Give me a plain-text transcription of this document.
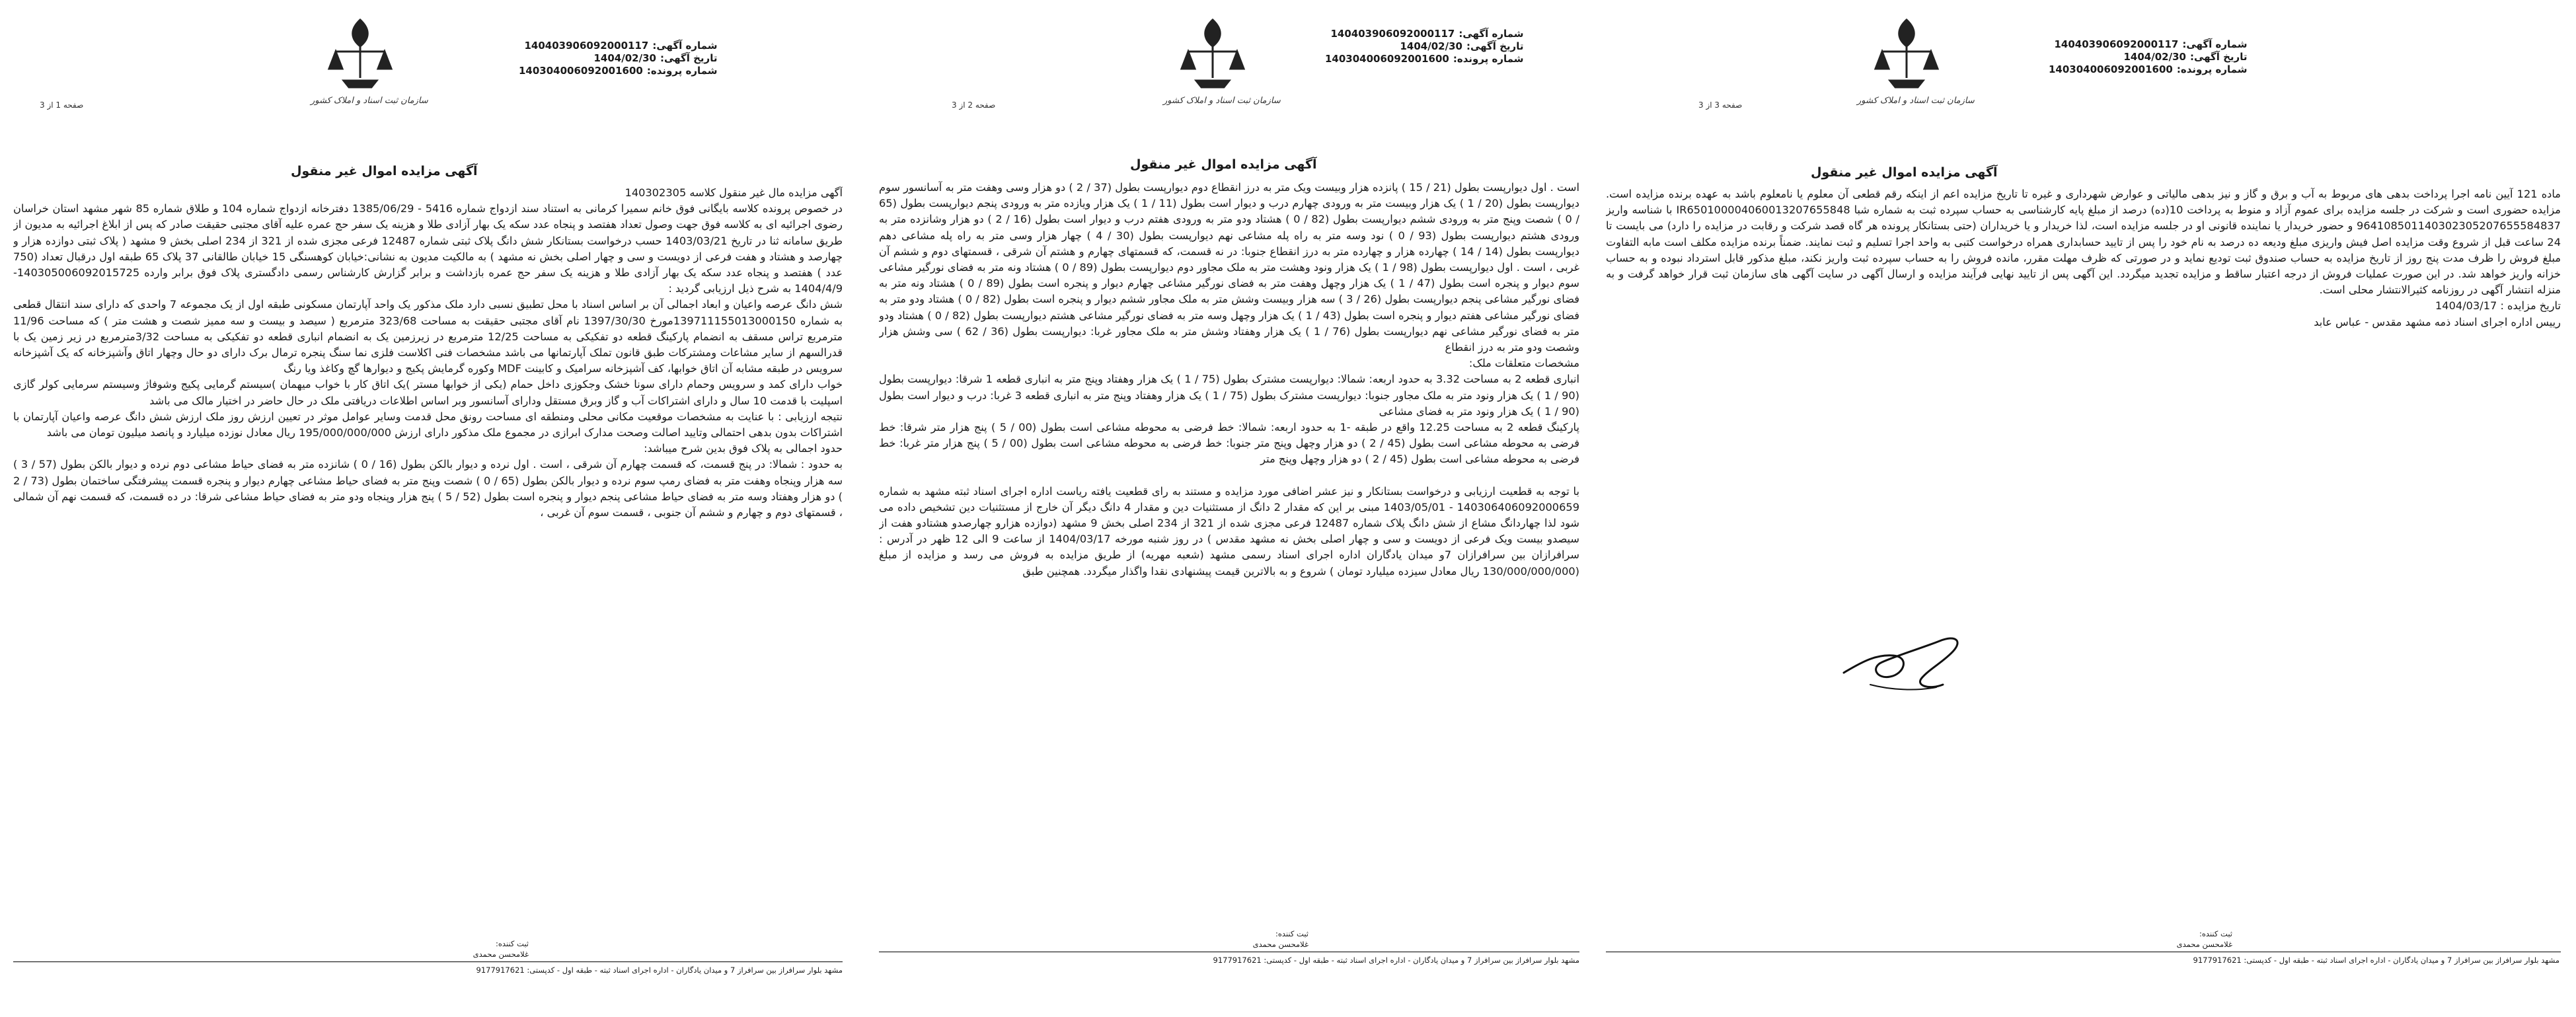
سازمان ثبت اسناد و املاک کشور
صفحه 1 از 3
شماره آگهی:
140403906092000117
تاریخ آگهی:
1404/02/30
شماره پرونده:
140304006092001600
آگهی مزایده اموال غیر منقول

آگهی مزایده مال غیر منقول کلاسه 140302305

در خصوص پرونده کلاسه بایگانی فوق خانم سمیرا کرمانی به استناد سند ازدواج شماره 5416 - 1385/06/29 دفترخانه ازدواج شماره 104 و طلاق شماره 85 شهر مشهد استان خراسان رضوی اجرائیه ای به کلاسه فوق جهت وصول تعداد هفتصد و پنجاه عدد سکه یک بهار آزادی طلا و هزینه یک سفر حج عمره علیه آقای مجتبی حقیقت صادر که پس از ابلاغ اجرائیه به مدیون از طریق سامانه ثنا در تاریخ 1403/03/21 حسب درخواست بستانکار شش دانگ پلاک ثبتی شماره 12487 فرعی مجزی شده از 321 از 234 اصلی بخش 9 مشهد ( پلاک ثبتی دوازده هزار و چهارصد و هشتاد و هفت فرعی از دویست و سی و چهار اصلی بخش نه مشهد ) به مالکیت مدیون به نشانی:خیابان کوهسنگی 15 خیابان طالقانی 37 پلاک 65 طبقه اول درقبال تعداد (750 عدد ) هفتصد و پنجاه عدد سکه یک بهار آزادی طلا و هزینه یک سفر حج عمره بازداشت و برابر گزارش کارشناس رسمی دادگستری پلاک فوق برابر وارده 140305006092015725-1404/4/9 به شرح ذیل ارزیابی گردید :

شش دانگ عرصه واعیان و ابعاد اجمالی آن بر اساس اسناد با محل تطبیق نسبی دارد ملک مذکور یک واحد آپارتمان مسکونی طبقه اول از یک مجموعه 7 واحدی که دارای سند انتقال قطعی به شماره 139711155013000150مورخ 1397/30/30 نام آقای مجتبی حقیقت به مساحت 323/68 مترمربع ( سیصد و بیست و سه ممیز شصت و هشت متر ) که مساحت 11/96 مترمربع تراس مسقف به انضمام پارکینگ قطعه دو تفکیکی به مساحت 12/25 مترمربع در زیرزمین یک به انضمام انباری قطعه دو تفکیکی به مساحت 3/32مترمربع در زیر زمین یک با قدرالسهم از سایر مشاعات ومشترکات طبق قانون تملک آپارتمانها می باشد مشخصات فنی اکلاست فلزی نما سنگ پنجره ترمال برک دارای دو حال وچهار اتاق وآشپزخانه که یک آشپزخانه سرویس در طبقه مشابه آن اتاق خوابها، کف آشپزخانه سرامیک و کابینت MDF وکوره گرمایش پکیج و دیوارها گچ وکاغذ ویا رنگ

خواب دارای کمد و سرویس وحمام دارای سونا خشک وجکوزی داخل حمام (یکی از خوابها مستر )یک اتاق کار با خواب میهمان )سیستم گرمایی پکیج وشوفاژ وسیستم سرمایی کولر گازی اسپلیت با قدمت 10 سال و دارای اشتراکات آب و گاز وبرق مستقل ودارای آسانسور وبر اساس اطلاعات دریافتی ملک در حال حاضر در اختیار مالک می باشد

نتیجه ارزیابی : با عنایت به مشخصات موقعیت مکانی محلی ومنطقه ای مساحت رونق محل قدمت وسایر عوامل موثر در تعیین ارزش روز ملک ارزش شش دانگ عرصه واعیان آپارتمان با اشتراکات بدون بدهی احتمالی وتایید اصالت وصحت مدارک ابرازی در مجموع ملک مذکور دارای ارزش 195/000/000/000 ریال معادل نوزده میلیارد و پانصد میلیون تومان می باشد

حدود اجمالی به پلاک فوق بدین شرح میباشد:

به حدود : شمالا: در پنج قسمت، که قسمت چهارم آن شرقی ، است . اول نرده و دیوار بالکن بطول (16 / 0 ) شانزده متر به فضای حیاط مشاعی دوم نرده و دیوار بالکن بطول (57 / 3 ) سه هزار وپنجاه وهفت متر به فضای رمپ سوم نرده و دیوار بالکن بطول (65 / 0 ) شصت وپنج متر به فضای حیاط مشاعی چهارم دیوار و پنجره قسمت پیشرفتگی ساختمان بطول (73 / 2 ) دو هزار وهفتاد وسه متر به فضای حیاط مشاعی پنجم دیوار و پنجره است بطول (52 / 5 ) پنج هزار وپنجاه ودو متر به فضای حیاط مشاعی شرقا: در ده قسمت، که قسمت نهم آن شمالی ، قسمتهای دوم و چهارم و ششم آن جنوبی ، قسمت سوم آن غربی ،

ثبت کننده:
غلامحسن محمدی
مشهد بلوار سرافراز بین سرافراز 7 و میدان یادگاران - اداره اجرای اسناد ثبته - طبقه اول - کدپستی: 9177917621
سازمان ثبت اسناد و املاک کشور
صفحه 2 از 3
شماره آگهی:
140403906092000117
تاریخ آگهی:
1404/02/30
شماره پرونده:
140304006092001600
آگهی مزایده اموال غیر منقول

است . اول دیوارپست بطول (21 / 15 ) پانزده هزار وبیست ویک متر به درز انقطاع دوم دیوارپست بطول (37 / 2 ) دو هزار وسی وهفت متر به آسانسور سوم دیوارپست بطول (20 / 1 ) یک هزار وبیست متر به ورودی چهارم درب و دیوار است بطول (11 / 1 ) یک هزار ویازده متر به ورودی پنجم دیوارپست بطول (65 / 0 ) شصت وپنج متر به ورودی ششم دیوارپست بطول (82 / 0 ) هشتاد ودو متر به ورودی هفتم درب و دیوار است بطول (16 / 2 ) دو هزار وشانزده متر به ورودی هشتم دیوارپست بطول (93 / 0 ) نود وسه متر به راه پله مشاعی نهم دیوارپست بطول (30 / 4 ) چهار هزار وسی متر به راه پله مشاعی دهم دیوارپست بطول (14 / 14 ) چهارده هزار و چهارده متر به درز انقطاع جنوبا: در نه قسمت، که قسمتهای چهارم و هشتم آن شرقی ، قسمتهای دوم و ششم آن غربی ، است . اول دیوارپست بطول (98 / 1 ) یک هزار ونود وهشت متر به ملک مجاور دوم دیوارپست بطول (89 / 0 ) هشتاد ونه متر به فضای نورگیر مشاعی سوم دیوار و پنجره است بطول (47 / 1 ) یک هزار وچهل وهفت متر به فضای نورگیر مشاعی چهارم دیوار و پنجره است بطول (89 / 0 ) هشتاد ونه متر به فضای نورگیر مشاعی پنجم دیوارپست بطول (26 / 3 ) سه هزار وبیست وشش متر به ملک مجاور ششم دیوار و پنجره است بطول (82 / 0 ) هشتاد ودو متر به فضای نورگیر مشاعی هفتم دیوار و پنجره است بطول (43 / 1 ) یک هزار وچهل وسه متر به فضای نورگیر مشاعی هشتم دیوارپست بطول (82 / 0 ) هشتاد ودو متر به فضای نورگیر مشاعی نهم دیوارپست بطول (76 / 1 ) یک هزار وهفتاد وشش متر به ملک مجاور غربا: دیوارپست بطول (36 / 62 ) سی وشش هزار وشصت ودو متر به درز انقطاع

مشخصات متعلقات ملک:

انباری قطعه 2 به مساحت 3.32 به حدود اربعه: شمالا: دیوارپست مشترک بطول (75 / 1 ) یک هزار وهفتاد وپنج متر به انباری قطعه 1 شرقا: دیوارپست بطول (90 / 1 ) یک هزار ونود متر به ملک مجاور جنوبا: دیوارپست مشترک بطول (75 / 1 ) یک هزار وهفتاد وپنج متر به انباری قطعه 3 غربا: درب و دیوار است بطول (90 / 1 ) یک هزار ونود متر به فضای مشاعی

پارکینگ قطعه 2 به مساحت 12.25 واقع در طبقه -1 به حدود اربعه: شمالا: خط فرضی به محوطه مشاعی است بطول (00 / 5 ) پنج هزار متر شرقا: خط فرضی به محوطه مشاعی است بطول (45 / 2 ) دو هزار وچهل وپنج متر جنوبا: خط فرضی به محوطه مشاعی است بطول (00 / 5 ) پنج هزار متر غربا: خط فرضی به محوطه مشاعی است بطول (45 / 2 ) دو هزار وچهل وپنج متر

با توجه به قطعیت ارزیابی و درخواست بستانکار و نیز عشر اضافی مورد مزایده و مستند به رای قطعیت یافته ریاست اداره اجرای اسناد ثبته مشهد به شماره 140306406092000659 - 1403/05/01 مبنی بر این که مقدار 2 دانگ از مستثنیات دین و مقدار 4 دانگ دیگر آن خارج از مستثنیات دین تشخیص داده می شود لذا چهاردانگ مشاع از شش دانگ پلاک شماره 12487 فرعی مجزی شده از 321 از 234 اصلی بخش 9 مشهد (دوازده هزارو چهارصدو هشتادو هفت از سیصدو بیست ویک فرعی از دویست و سی و چهار اصلی بخش نه مشهد مقدس ) در روز شنبه مورخه 1404/03/17 از ساعت 9 الی 12 ظهر در آدرس : سرافرازان بین سرافرازان 7و میدان یادگاران اداره اجرای اسناد رسمی مشهد (شعبه مهریه) از طریق مزایده به فروش می رسد و مزایده از مبلغ (130/000/000/000 ریال معادل سیزده میلیارد تومان ) شروع و به بالاترین قیمت پیشنهادی نقدا واگذار میگردد. همچنین طبق

ثبت کننده:
غلامحسن محمدی
مشهد بلوار سرافراز بین سرافراز 7 و میدان یادگاران - اداره اجرای اسناد ثبته - طبقه اول - کدپستی: 9177917621
سازمان ثبت اسناد و املاک کشور
صفحه 3 از 3
شماره آگهی:
140403906092000117
تاریخ آگهی:
1404/02/30
شماره پرونده:
140304006092001600
آگهی مزایده اموال غیر منقول

ماده 121 آیین نامه اجرا پرداخت بدهی های مربوط به آب و برق و گاز و نیز بدهی مالیاتی و عوارض شهرداری و غیره تا تاریخ مزایده اعم از اینکه رقم قطعی آن معلوم یا نامعلوم باشد به عهده برنده مزایده است. مزایده حضوری است و شرکت در جلسه مزایده برای عموم آزاد و منوط به پرداخت 10(ده) درصد از مبلغ پایه کارشناسی به حساب سپرده ثبت به شماره شبا IR650100004060013207655848 با شناسه واریز 964108501140302305207655584837 و حضور خریدار یا نماینده قانونی او در جلسه مزایده است، لذا خریدار و یا خریداران (حتی بستانکار پرونده هر گاه قصد شرکت و رقابت در مزایده را دارد) می بایست تا 24 ساعت قبل از شروع وقت مزایده اصل فیش واریزی مبلغ ودیعه ده درصد به نام خود را پس از تایید حسابداری همراه درخواست کتبی به واحد اجرا تسلیم و ثبت نمایند. ضمناً برنده مزایده مکلف است مابه التفاوت مبلغ فروش را ظرف مدت پنج روز از تاریخ مزایده به حساب صندوق ثبت تودیع نماید و در صورتی که ظرف مهلت مقرر، مانده فروش را به حساب سپرده ثبت واریز نکند، مبلغ مذکور قابل استرداد نبوده و به حساب خزانه واریز خواهد شد. در این صورت عملیات فروش از درجه اعتبار ساقط و مزایده تجدید میگردد. این آگهی پس از تایید نهایی فرآیند مزایده و ارسال آگهی در سایت آگهی های سازمان ثبت قرار خواهد گرفت و به منزله انتشار آگهی در روزنامه کثیرالانتشار محلی است.

تاریخ مزایده : 1404/03/17

رییس اداره اجرای اسناد ذمه مشهد مقدس - عباس عابد

ثبت کننده:
غلامحسن محمدی
مشهد بلوار سرافراز بین سرافراز 7 و میدان یادگاران - اداره اجرای اسناد ثبته - طبقه اول - کدپستی: 9177917621
